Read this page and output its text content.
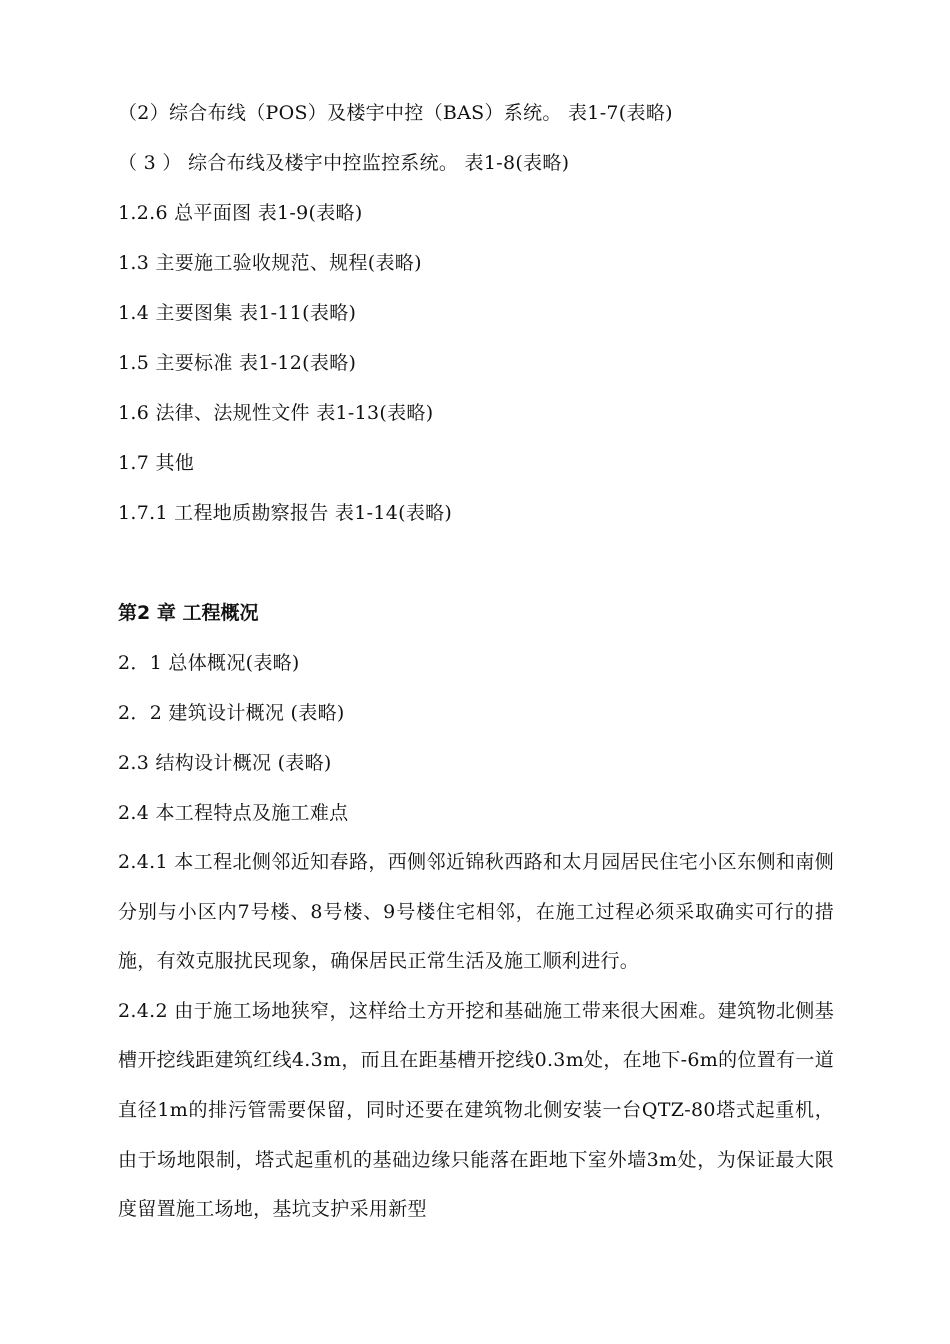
（2）综合布线（POS）及楼宇中控（BAS）系统。 表1-7(表略)
（ 3 ） 综合布线及楼宇中控监控系统。 表1-8(表略)
1.2.6 总平面图 表1-9(表略)
1.3 主要施工验收规范、规程(表略)
1.4 主要图集 表1-11(表略)
1.5 主要标准 表1-12(表略)
1.6 法律、法规性文件 表1-13(表略)
1.7 其他
1.7.1 工程地质勘察报告 表1-14(表略)
第2 章 工程概况
2．1 总体概况(表略)
2．2 建筑设计概况 (表略)
2.3 结构设计概况 (表略)
2.4 本工程特点及施工难点
2.4.1 本工程北侧邻近知春路，西侧邻近锦秋西路和太月园居民住宅小区东侧和南侧分别与小区内7号楼、8号楼、9号楼住宅相邻，在施工过程必须采取确实可行的措施，有效克服扰民现象，确保居民正常生活及施工顺利进行。
2.4.2 由于施工场地狭窄，这样给土方开挖和基础施工带来很大困难。建筑物北侧基槽开挖线距建筑红线4.3m，而且在距基槽开挖线0.3m处，在地下-6m的位置有一道直径1m的排污管需要保留，同时还要在建筑物北侧安装一台QTZ-80塔式起重机，由于场地限制，塔式起重机的基础边缘只能落在距地下室外墙3m处，为保证最大限度留置施工场地，基坑支护采用新型
